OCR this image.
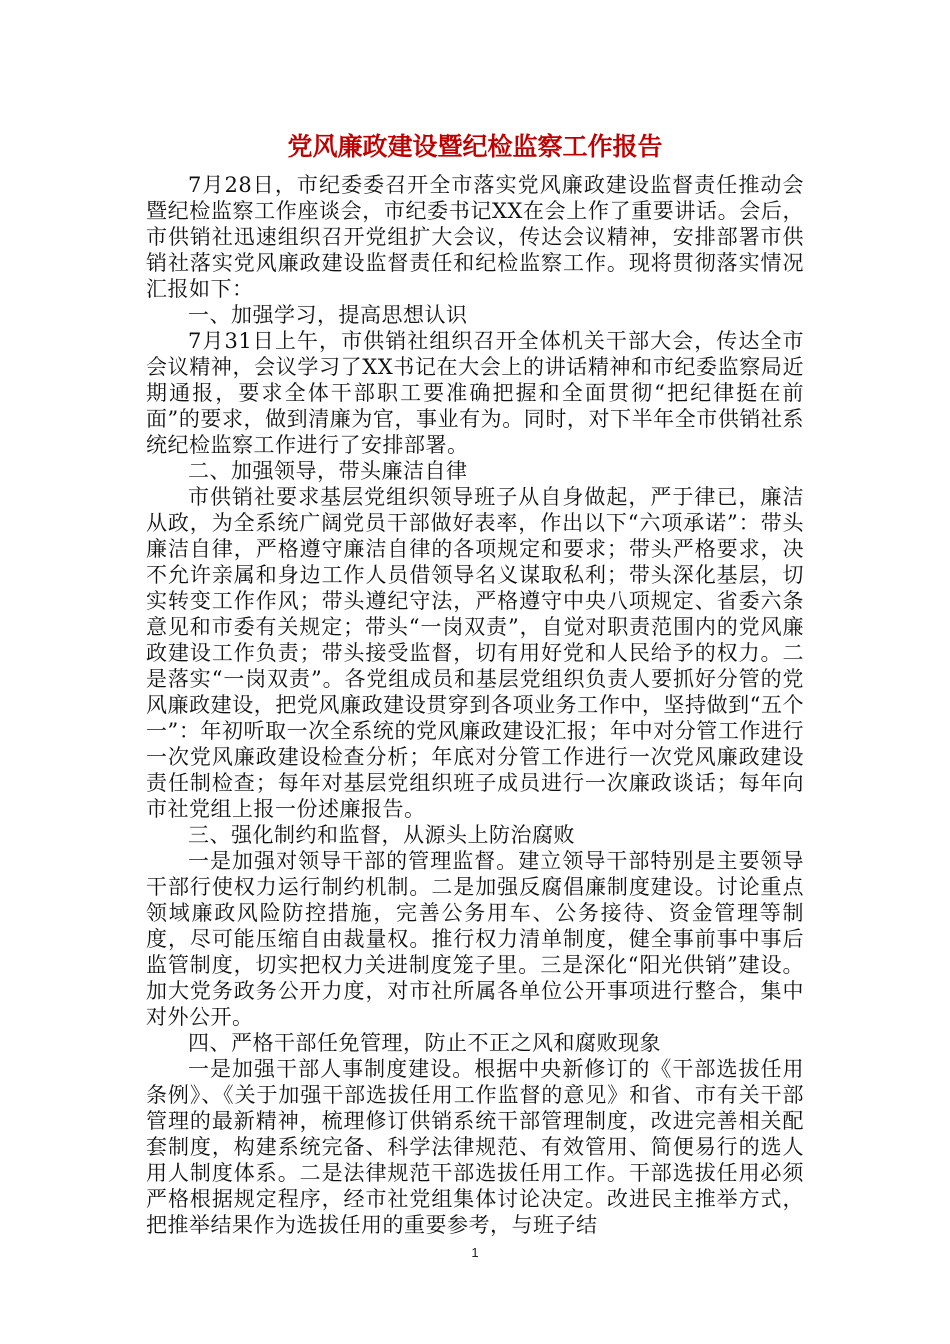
党风廉政建设暨纪检监察工作报告

7月28日，市纪委委召开全市落实党风廉政建设监督责任推动会暨纪检监察工作座谈会，市纪委书记XX在会上作了重要讲话。会后，市供销社迅速组织召开党组扩大会议，传达会议精神，安排部署市供销社落实党风廉政建设监督责任和纪检监察工作。现将贯彻落实情况汇报如下：

一、加强学习，提高思想认识

7月31日上午，市供销社组织召开全体机关干部大会，传达全市会议精神，会议学习了XX书记在大会上的讲话精神和市纪委监察局近期通报，要求全体干部职工要准确把握和全面贯彻“把纪律挺在前面”的要求，做到清廉为官，事业有为。同时，对下半年全市供销社系统纪检监察工作进行了安排部署。

二、加强领导，带头廉洁自律

市供销社要求基层党组织领导班子从自身做起，严于律已，廉洁从政，为全系统广阔党员干部做好表率，作出以下“六项承诺”：带头廉洁自律，严格遵守廉洁自律的各项规定和要求；带头严格要求，决不允许亲属和身边工作人员借领导名义谋取私利；带头深化基层，切实转变工作作风；带头遵纪守法，严格遵守中央八项规定、省委六条意见和市委有关规定；带头“一岗双责”，自觉对职责范围内的党风廉政建设工作负责；带头接受监督，切有用好党和人民给予的权力。二是落实“一岗双责”。各党组成员和基层党组织负责人要抓好分管的党风廉政建设，把党风廉政建设贯穿到各项业务工作中，坚持做到“五个一”：年初听取一次全系统的党风廉政建设汇报；年中对分管工作进行一次党风廉政建设检查分析；年底对分管工作进行一次党风廉政建设责任制检查；每年对基层党组织班子成员进行一次廉政谈话；每年向市社党组上报一份述廉报告。

三、强化制约和监督，从源头上防治腐败

一是加强对领导干部的管理监督。建立领导干部特别是主要领导干部行使权力运行制约机制。二是加强反腐倡廉制度建设。讨论重点领域廉政风险防控措施，完善公务用车、公务接待、资金管理等制度，尽可能压缩自由裁量权。推行权力清单制度，健全事前事中事后监管制度，切实把权力关进制度笼子里。三是深化“阳光供销”建设。加大党务政务公开力度，对市社所属各单位公开事项进行整合，集中对外公开。

四、严格干部任免管理，防止不正之风和腐败现象

一是加强干部人事制度建设。根据中央新修订的《干部选拔任用条例》、《关于加强干部选拔任用工作监督的意见》和省、市有关干部管理的最新精神，梳理修订供销系统干部管理制度，改进完善相关配套制度，构建系统完备、科学法律规范、有效管用、简便易行的选人用人制度体系。二是法律规范干部选拔任用工作。干部选拔任用必须严格根据规定程序，经市社党组集体讨论决定。改进民主推举方式，把推举结果作为选拔任用的重要参考，与班子结

1
